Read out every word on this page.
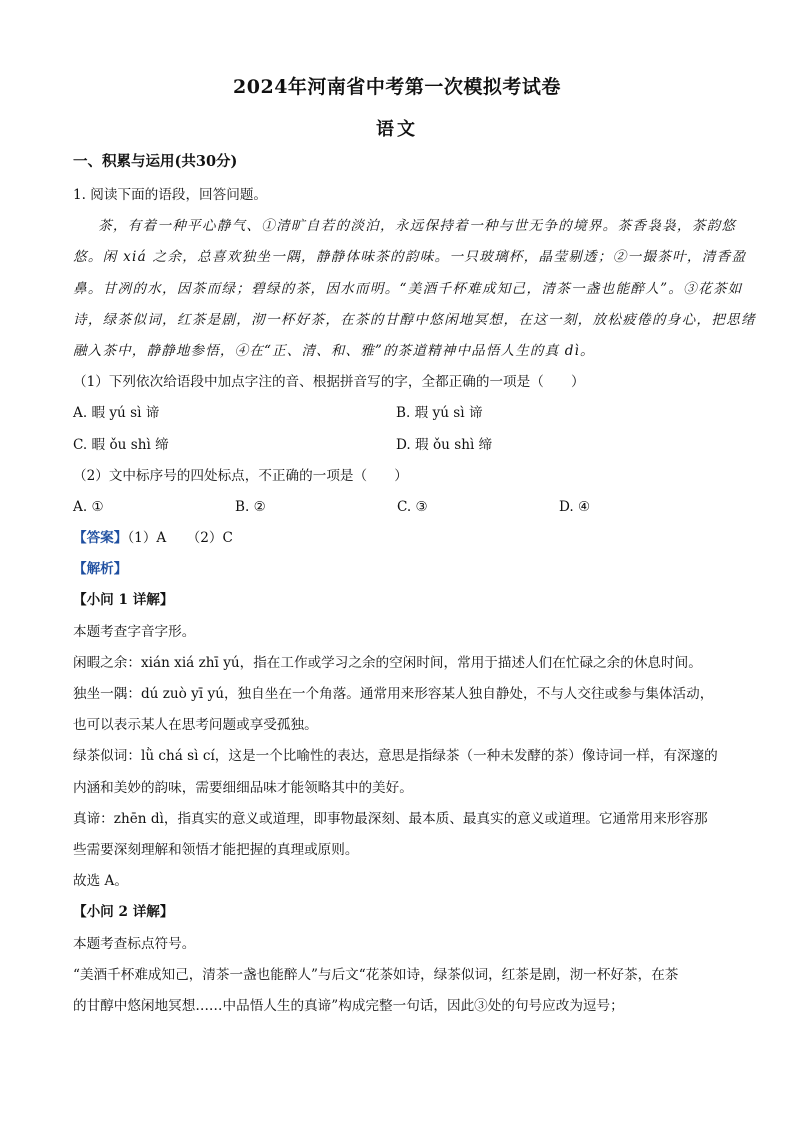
2024年河南省中考第一次模拟考试卷
语文
一、积累与运用(共30分)
1. 阅读下面的语段，回答问题。
茶，有着一种平心静气、①清旷自若的淡泊，永远保持着一种与世无争的境界。茶香袅袅，茶韵悠
悠。闲 xiá 之余，总喜欢独坐一隅，静静体味茶的韵味。一只玻璃杯，晶莹剔透；②一撮茶叶，清香盈
鼻。甘冽的水，因茶而绿；碧绿的茶，因水而明。“美酒千杯难成知己，清茶一盏也能醉人”。③花茶如
诗，绿茶似词，红茶是剧，沏一杯好茶，在茶的甘醇中悠闲地冥想，在这一刻，放松疲倦的身心，把思绪
融入茶中，静静地参悟，④在“正、清、和、雅”的茶道精神中品悟人生的真 dì。
（1）下列依次给语段中加点字注的音、根据拼音写的字，全都正确的一项是（　　）
A. 暇 yú sì 谛	B. 瑕 yú sì 谛
C. 暇 ǒu shì 缔	D. 瑕 ǒu shì 缔
（2）文中标序号的四处标点，不正确的一项是（　　）
A. ①	B. ②	C. ③	D. ④
【答案】（1）A　　（2）C
【解析】
【小问 1 详解】
本题考查字音字形。
闲暇之余：xián xiá zhī yú，指在工作或学习之余的空闲时间，常用于描述人们在忙碌之余的休息时间。
独坐一隅：dú zuò yī yú，独自坐在一个角落。通常用来形容某人独自静处，不与人交往或参与集体活动，
也可以表示某人在思考问题或享受孤独。
绿茶似词：lǜ chá sì cí，这是一个比喻性的表达，意思是指绿茶（一种未发酵的茶）像诗词一样，有深邃的
内涵和美妙的韵味，需要细细品味才能领略其中的美好。
真谛：zhēn dì，指真实的意义或道理，即事物最深刻、最本质、最真实的意义或道理。它通常用来形容那
些需要深刻理解和领悟才能把握的真理或原则。
故选 A。
【小问 2 详解】
本题考查标点符号。
“美酒千杯难成知己，清茶一盏也能醉人”与后文“花茶如诗，绿茶似词，红茶是剧，沏一杯好茶，在茶
的甘醇中悠闲地冥想……中品悟人生的真谛”构成完整一句话，因此③处的句号应改为逗号；
